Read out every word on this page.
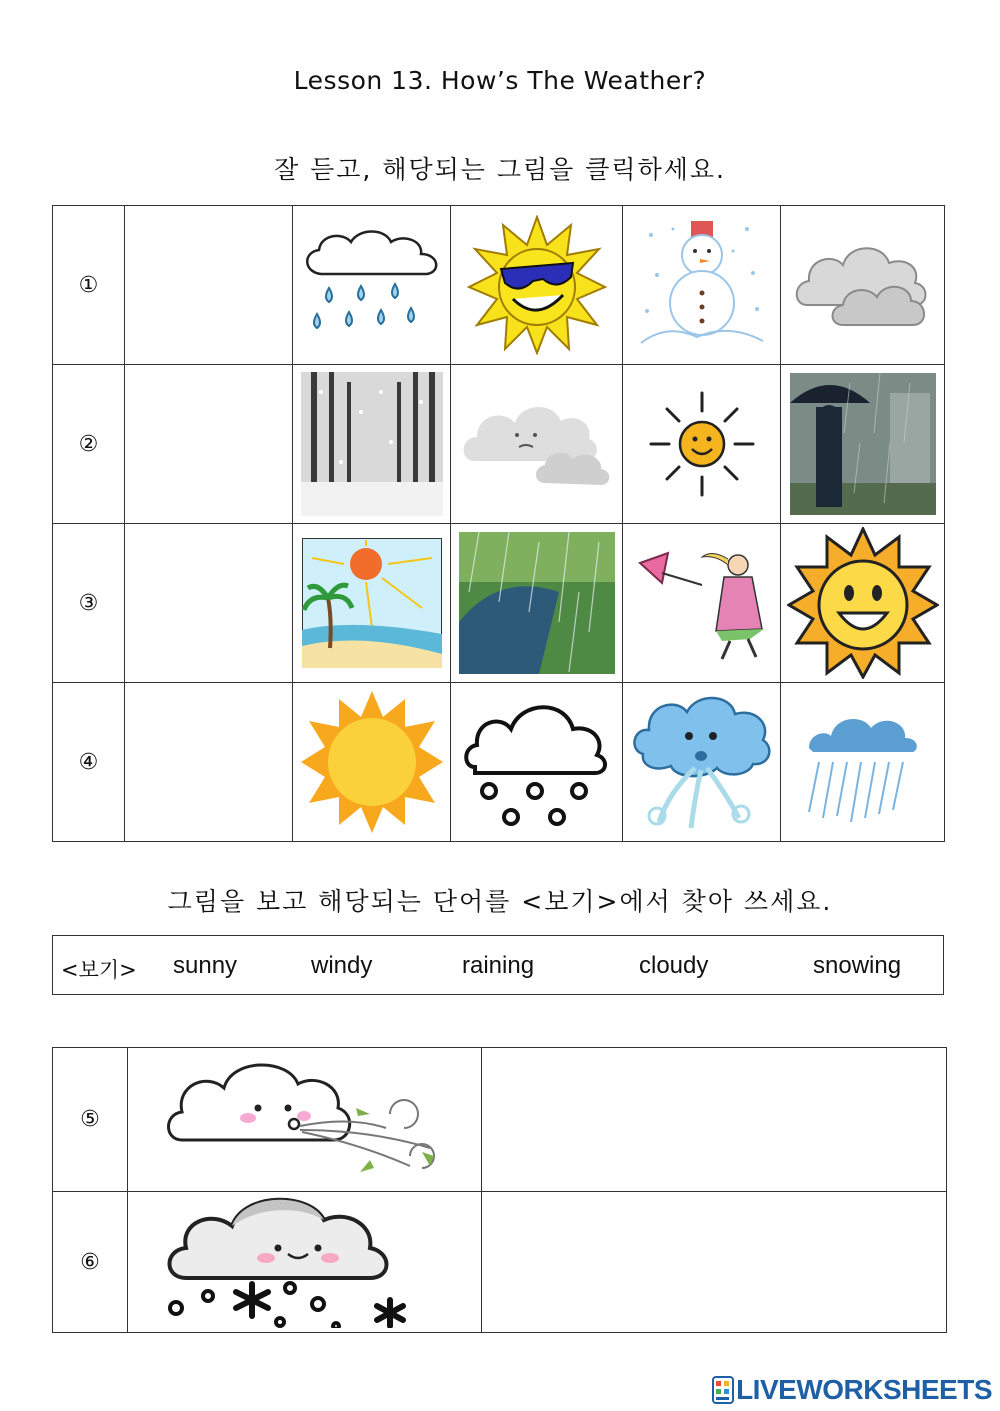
Lesson 13. How’s The Weather?
잘 듣고, 해당되는 그림을 클릭하세요.
①		

②		

③		

④		

그림을 보고 해당되는 단어를 <보기>에서 찾아 쓰세요.
<보기> sunny	windy	raining	cloudy	snowing
⑤	

⑥		
LIVEWORKSHEETS
